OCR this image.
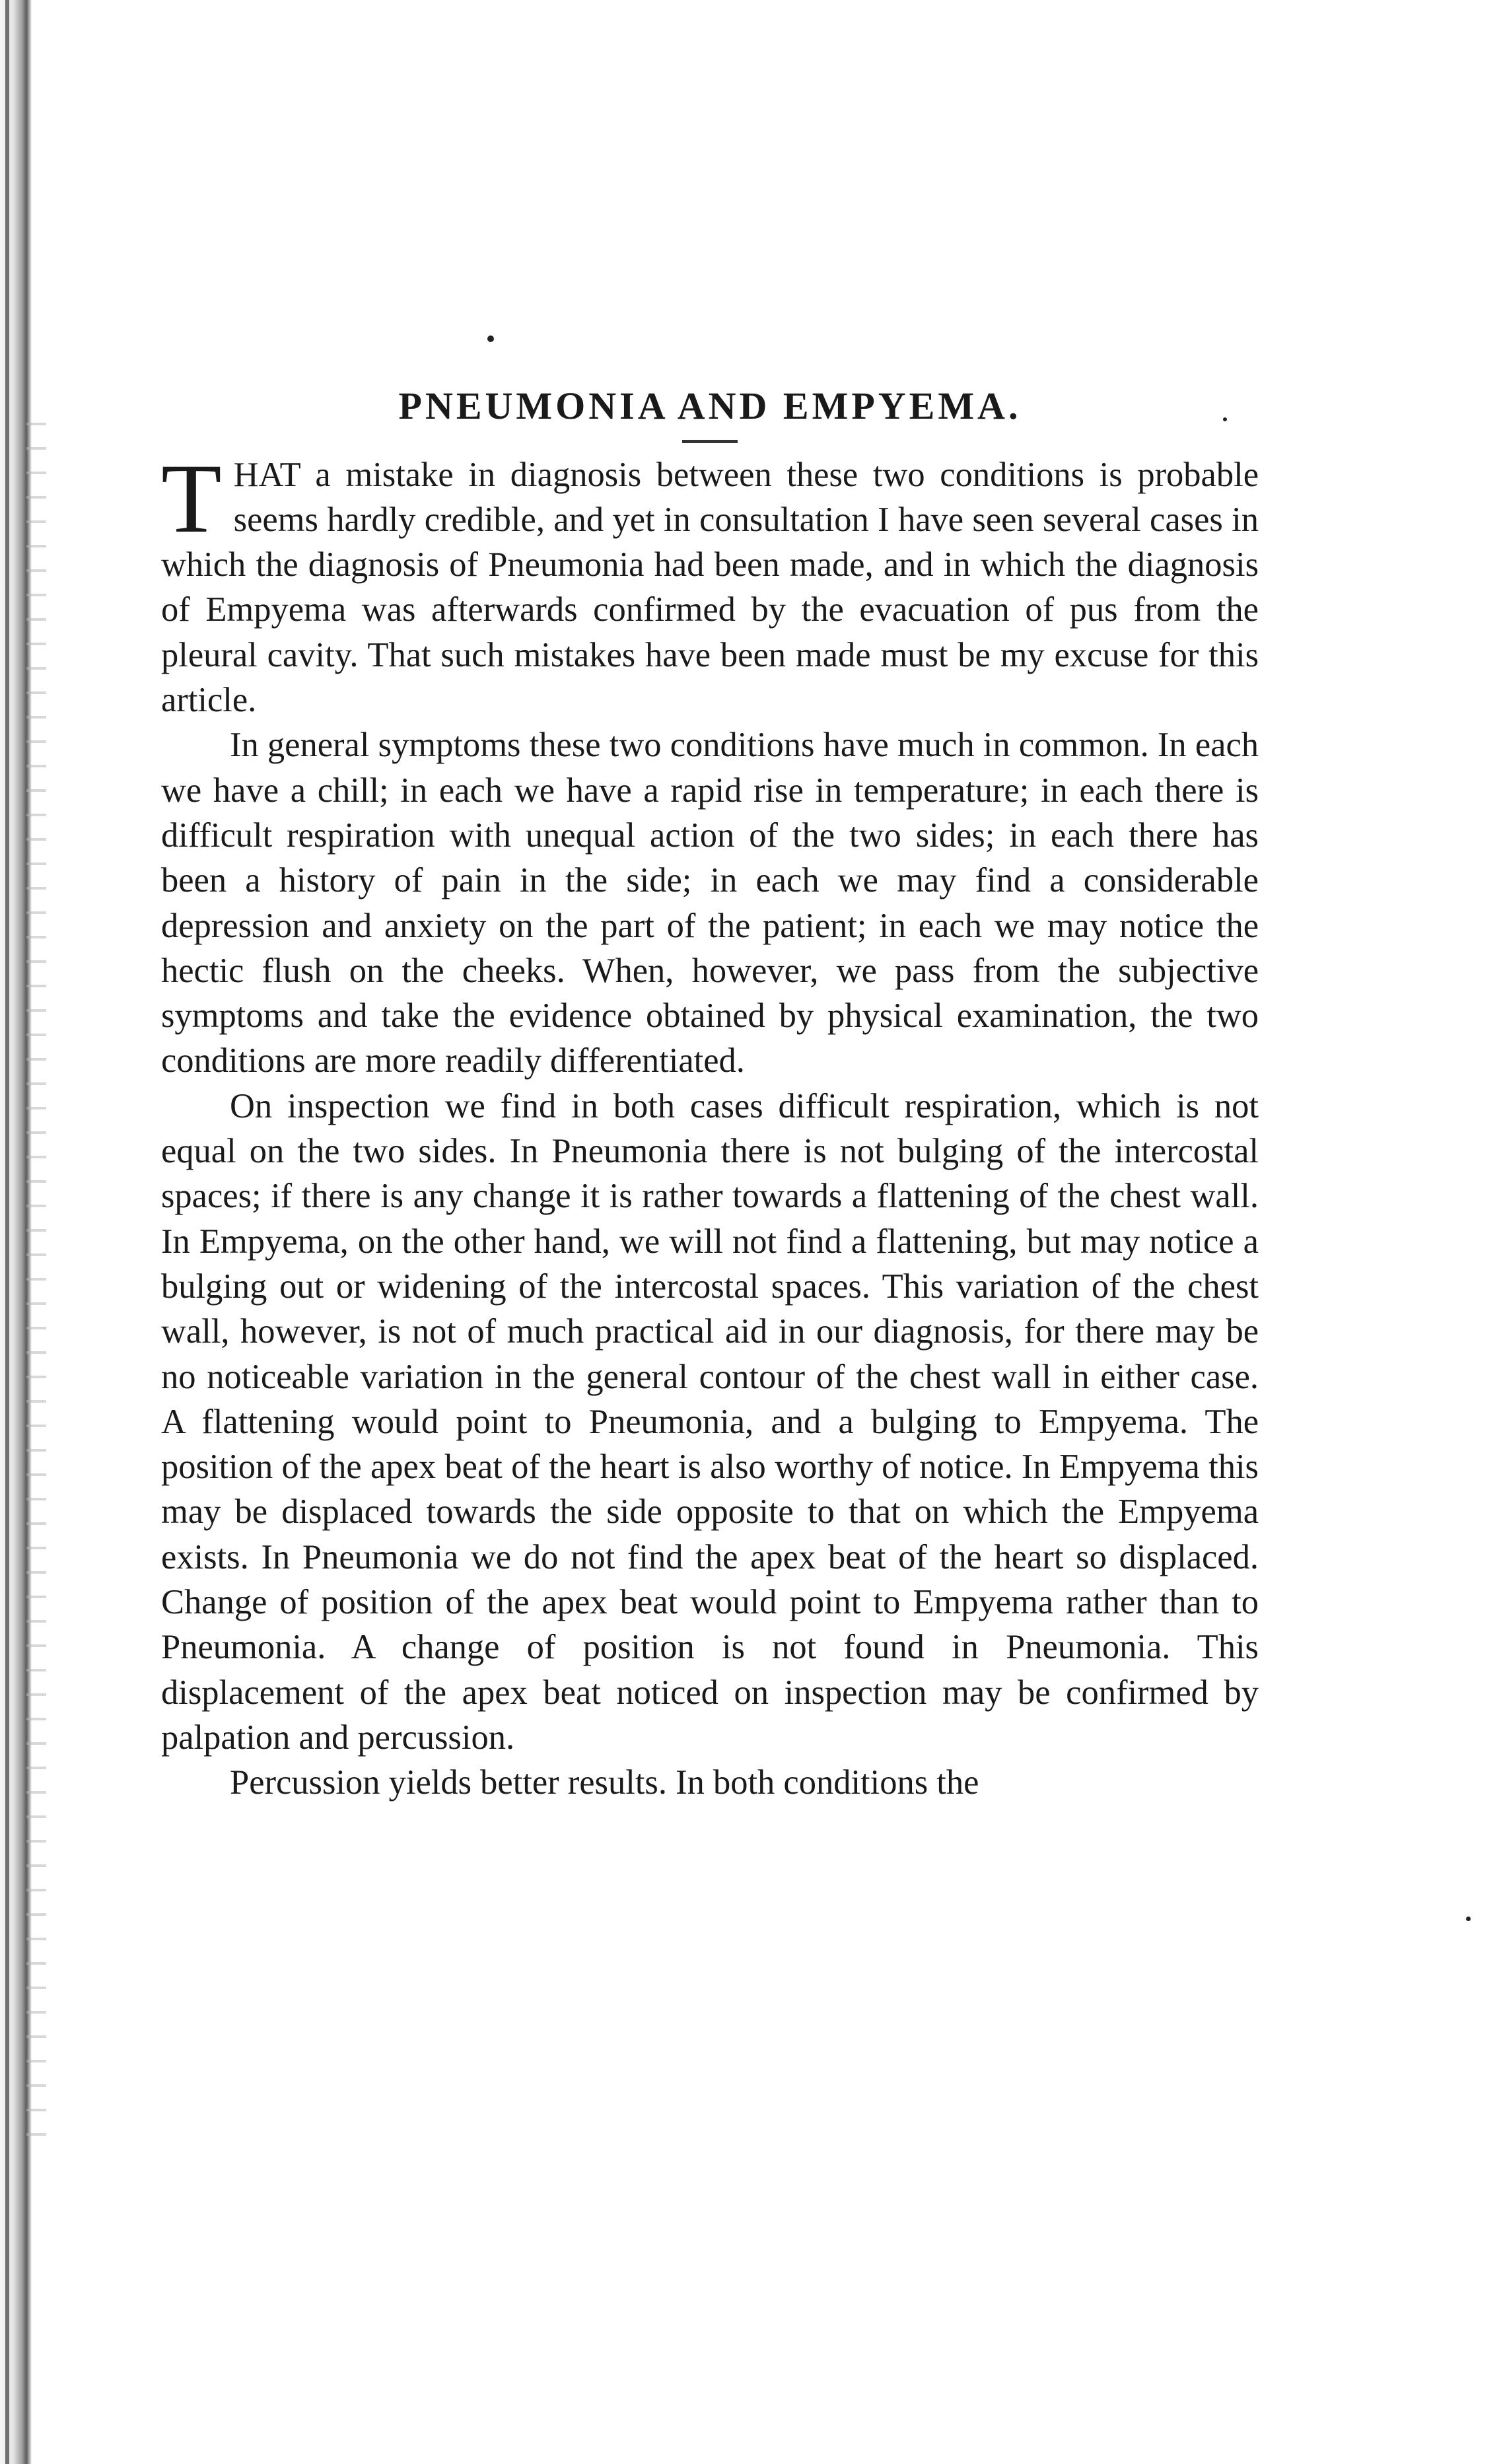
PNEUMONIA AND EMPYEMA.

THAT a mistake in diagnosis between these two conditions is probable seems hardly credible, and yet in consultation I have seen several cases in which the diagnosis of Pneumonia had been made, and in which the diagnosis of Empyema was afterwards confirmed by the evacuation of pus from the pleural cavity. That such mistakes have been made must be my excuse for this article.

In general symptoms these two conditions have much in common. In each we have a chill; in each we have a rapid rise in temperature; in each there is difficult respiration with unequal action of the two sides; in each there has been a history of pain in the side; in each we may find a considerable depression and anxiety on the part of the patient; in each we may notice the hectic flush on the cheeks. When, however, we pass from the subjective symptoms and take the evidence obtained by physical examination, the two conditions are more readily differentiated.

On inspection we find in both cases difficult respiration, which is not equal on the two sides. In Pneumonia there is not bulging of the intercostal spaces; if there is any change it is rather towards a flattening of the chest wall. In Empyema, on the other hand, we will not find a flattening, but may notice a bulging out or widening of the intercostal spaces. This variation of the chest wall, however, is not of much practical aid in our diagnosis, for there may be no noticeable variation in the general contour of the chest wall in either case. A flattening would point to Pneumonia, and a bulging to Empyema. The position of the apex beat of the heart is also worthy of notice. In Empyema this may be displaced towards the side opposite to that on which the Empyema exists. In Pneumonia we do not find the apex beat of the heart so displaced. Change of position of the apex beat would point to Empyema rather than to Pneumonia. A change of position is not found in Pneumonia. This displacement of the apex beat noticed on inspection may be confirmed by palpation and percussion.

Percussion yields better results. In both conditions the
